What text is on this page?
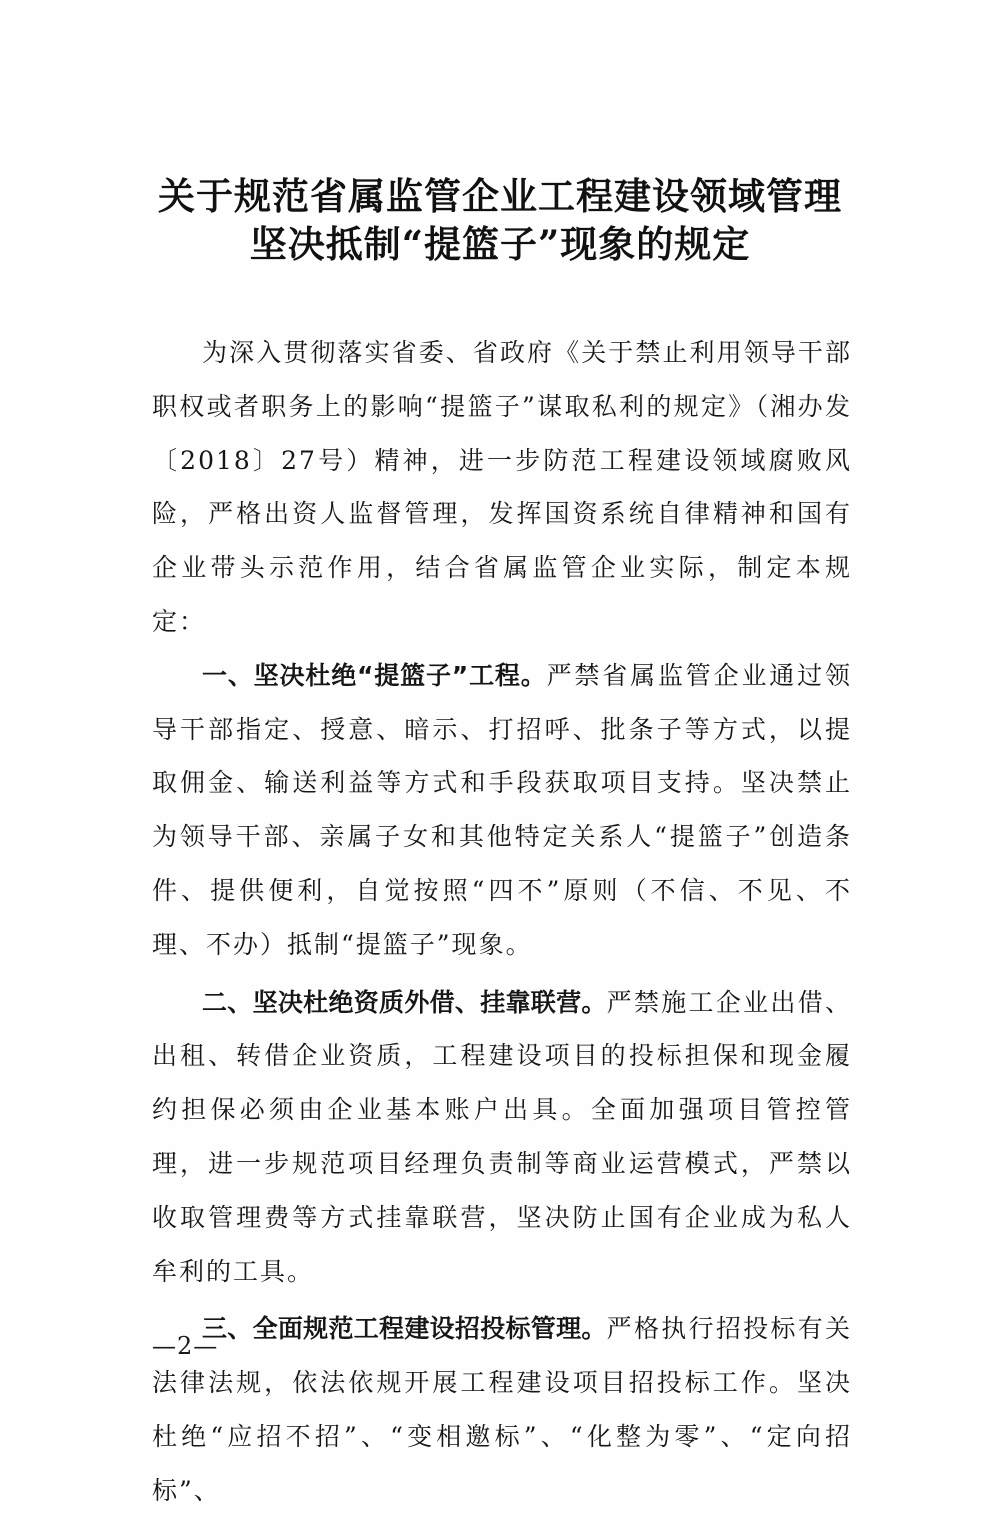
关于规范省属监管企业工程建设领域管理
坚决抵制“提篮子”现象的规定

为深入贯彻落实省委、省政府《关于禁止利用领导干部职权或者职务上的影响“提篮子”谋取私利的规定》（湘办发〔2018〕27号）精神，进一步防范工程建设领域腐败风险，严格出资人监督管理，发挥国资系统自律精神和国有企业带头示范作用，结合省属监管企业实际，制定本规定：

一、坚决杜绝“提篮子”工程。严禁省属监管企业通过领导干部指定、授意、暗示、打招呼、批条子等方式，以提取佣金、输送利益等方式和手段获取项目支持。坚决禁止为领导干部、亲属子女和其他特定关系人“提篮子”创造条件、提供便利，自觉按照“四不”原则（不信、不见、不理、不办）抵制“提篮子”现象。

二、坚决杜绝资质外借、挂靠联营。严禁施工企业出借、出租、转借企业资质，工程建设项目的投标担保和现金履约担保必须由企业基本账户出具。全面加强项目管控管理，进一步规范项目经理负责制等商业运营模式，严禁以收取管理费等方式挂靠联营，坚决防止国有企业成为私人牟利的工具。

三、全面规范工程建设招投标管理。严格执行招投标有关法律法规，依法依规开展工程建设项目招投标工作。坚决杜绝“应招不招”、“变相邀标”、“化整为零”、“定向招标”、

—2—
